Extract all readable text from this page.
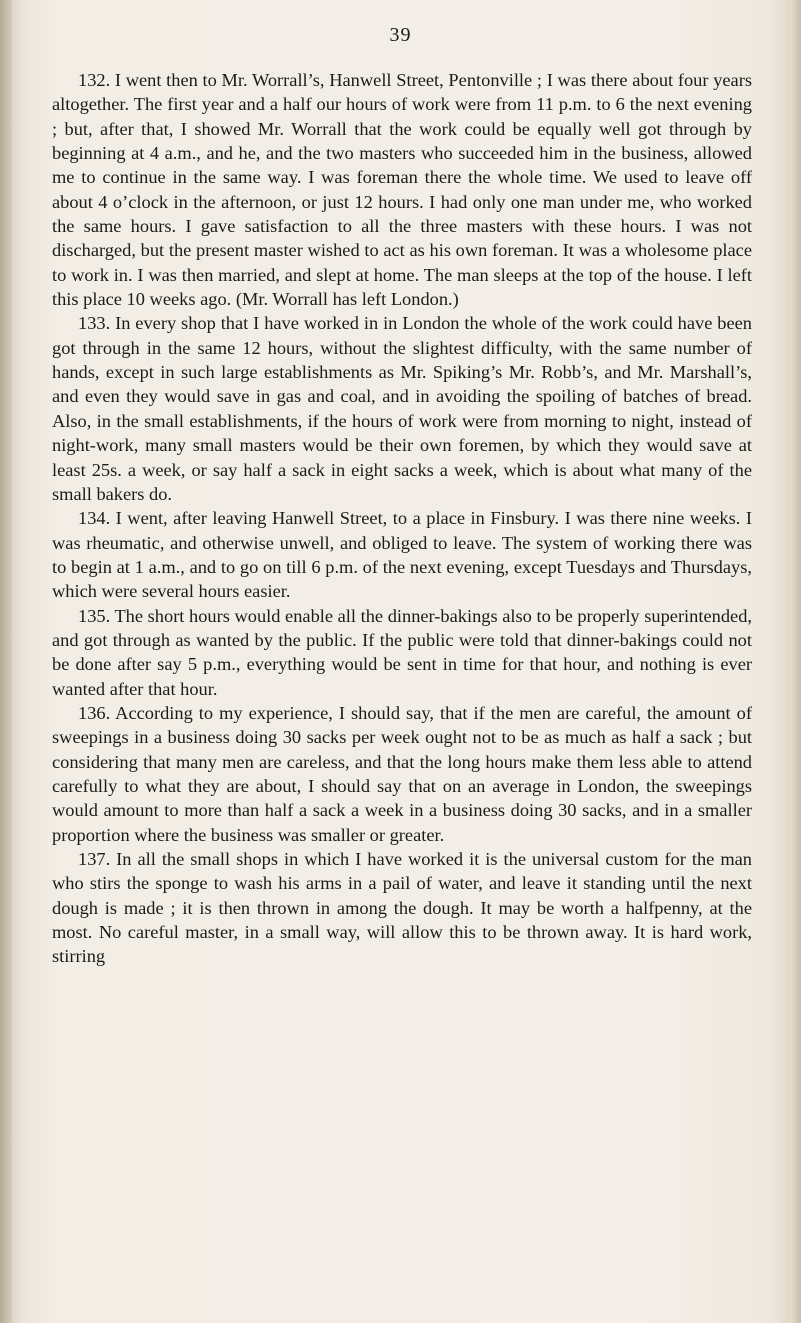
39

132. I went then to Mr. Worrall’s, Hanwell Street, Pentonville ; I was there about four years altogether. The first year and a half our hours of work were from 11 p.m. to 6 the next evening ; but, after that, I showed Mr. Worrall that the work could be equally well got through by beginning at 4 a.m., and he, and the two masters who succeeded him in the business, allowed me to continue in the same way. I was foreman there the whole time. We used to leave off about 4 o’clock in the afternoon, or just 12 hours. I had only one man under me, who worked the same hours. I gave satisfaction to all the three masters with these hours. I was not discharged, but the present master wished to act as his own foreman. It was a wholesome place to work in. I was then married, and slept at home. The man sleeps at the top of the house. I left this place 10 weeks ago. (Mr. Worrall has left London.)

133. In every shop that I have worked in in London the whole of the work could have been got through in the same 12 hours, without the slightest difficulty, with the same number of hands, except in such large establishments as Mr. Spiking’s Mr. Robb’s, and Mr. Marshall’s, and even they would save in gas and coal, and in avoiding the spoiling of batches of bread. Also, in the small establishments, if the hours of work were from morning to night, instead of night-work, many small masters would be their own foremen, by which they would save at least 25s. a week, or say half a sack in eight sacks a week, which is about what many of the small bakers do.

134. I went, after leaving Hanwell Street, to a place in Finsbury. I was there nine weeks. I was rheumatic, and otherwise unwell, and obliged to leave. The system of working there was to begin at 1 a.m., and to go on till 6 p.m. of the next evening, except Tuesdays and Thursdays, which were several hours easier.

135. The short hours would enable all the dinner-bakings also to be properly superintended, and got through as wanted by the public. If the public were told that dinner-bakings could not be done after say 5 p.m., everything would be sent in time for that hour, and nothing is ever wanted after that hour.

136. According to my experience, I should say, that if the men are careful, the amount of sweepings in a business doing 30 sacks per week ought not to be as much as half a sack ; but considering that many men are careless, and that the long hours make them less able to attend carefully to what they are about, I should say that on an average in London, the sweepings would amount to more than half a sack a week in a business doing 30 sacks, and in a smaller proportion where the business was smaller or greater.

137. In all the small shops in which I have worked it is the universal custom for the man who stirs the sponge to wash his arms in a pail of water, and leave it standing until the next dough is made ; it is then thrown in among the dough. It may be worth a halfpenny, at the most. No careful master, in a small way, will allow this to be thrown away. It is hard work, stirring
